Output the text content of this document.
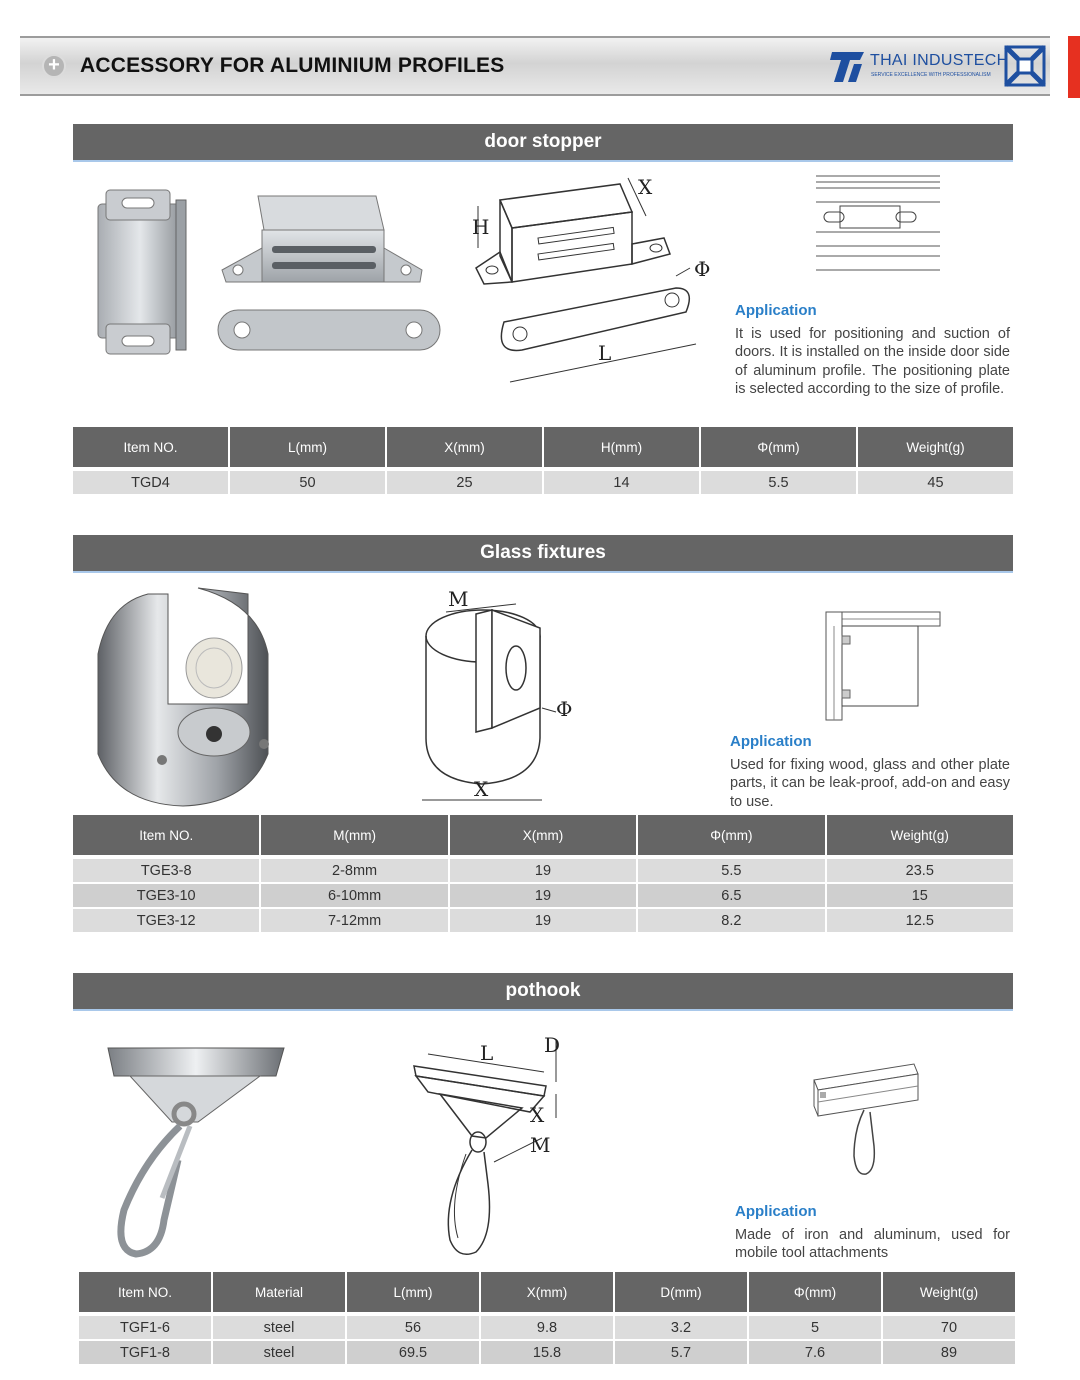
+ ACCESSORY FOR ALUMINIUM PROFILES	THAI INDUSTECH
SERVICE EXCELLENCE WITH PROFESSIONALISM
door stopper
X
H
Φ
L
Application
It is used for positioning and suction of doors. It is installed on the inside door side of aluminum profile. The positioning plate is selected according to the size of profile.
Item NO.	L(mm)	X(mm)	H(mm)	Φ(mm)	Weight(g)
TGD4	50	25	14	5.5	45
Glass fixtures
M
Φ
X
Application
Used for fixing wood, glass and other plate parts, it can be leak-proof, add-on and easy to use.
Item NO.	M(mm)	X(mm)	Φ(mm)	Weight(g)
TGE3-8	2-8mm	19	5.5	23.5
TGE3-10	6-10mm	19	6.5	15
TGE3-12	7-12mm	19	8.2	12.5
pothook
L	D
X
M
Application
Made of iron and aluminum, used for mobile tool attachments
Item NO.	Material	L(mm)	X(mm)	D(mm)	Φ(mm)	Weight(g)
TGF1-6	steel	56	9.8	3.2	5	70
TGF1-8	steel	69.5	15.8	5.7	7.6	89
